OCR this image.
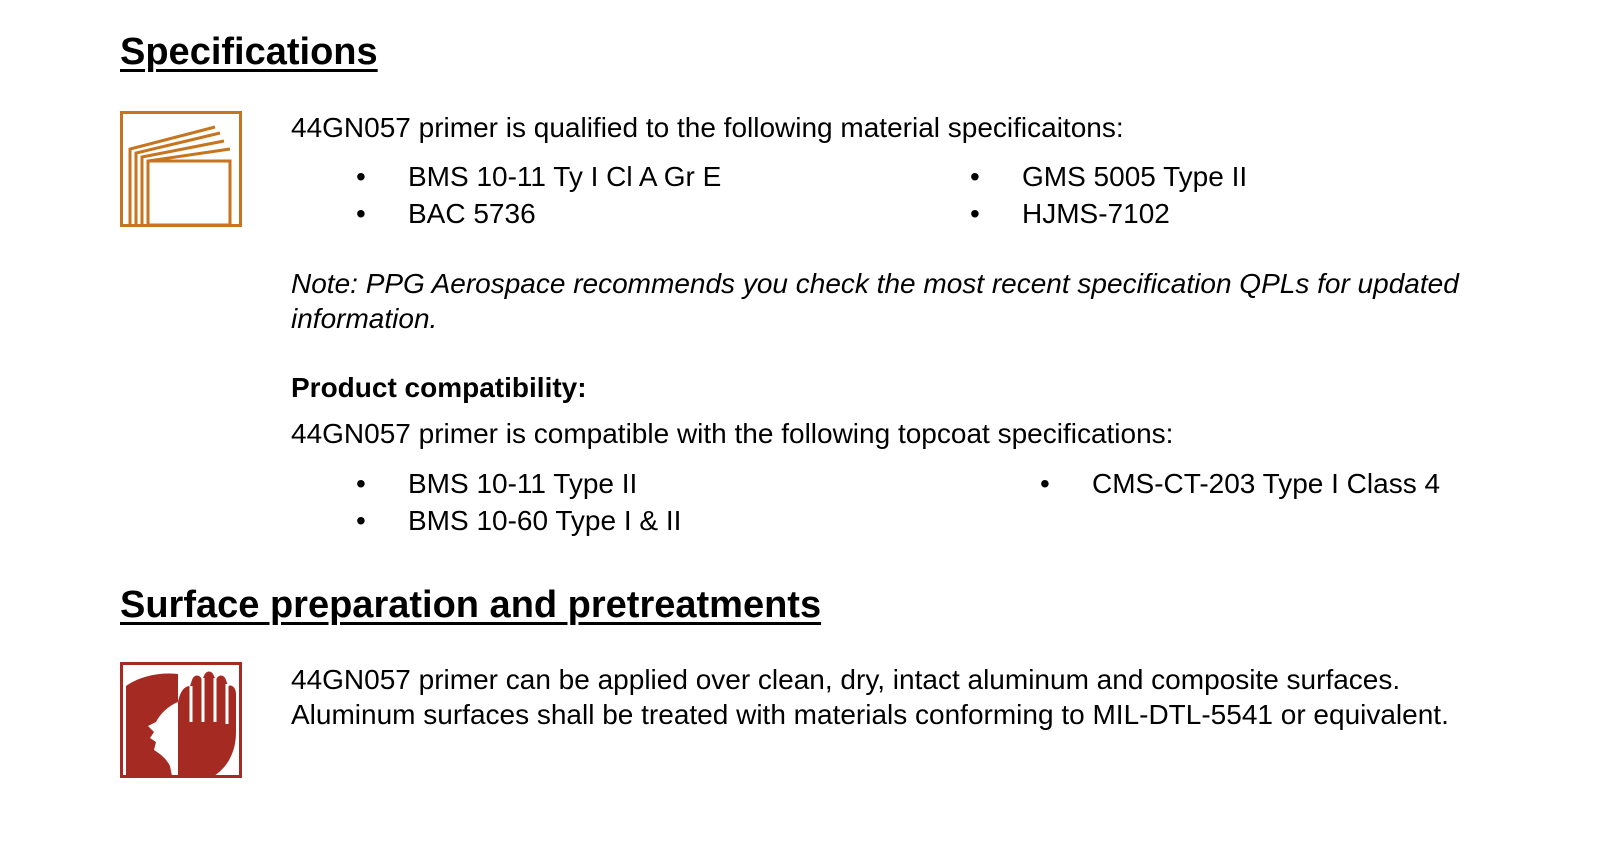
Specifications

44GN057 primer is qualified to the following material specificaitons:

• BMS 10-11 Ty I Cl A Gr E
• BAC 5736
• GMS 5005 Type II
• HJMS-7102

Note: PPG Aerospace recommends you check the most recent specification QPLs for updated information.

Product compatibility:

44GN057 primer is compatible with the following topcoat specifications:

• BMS 10-11 Type II
• BMS 10-60 Type I & II
• CMS-CT-203 Type I Class 4
Surface preparation and pretreatments

44GN057 primer can be applied over clean, dry, intact aluminum and composite surfaces. Aluminum surfaces shall be treated with materials conforming to MIL-DTL-5541 or equivalent.
